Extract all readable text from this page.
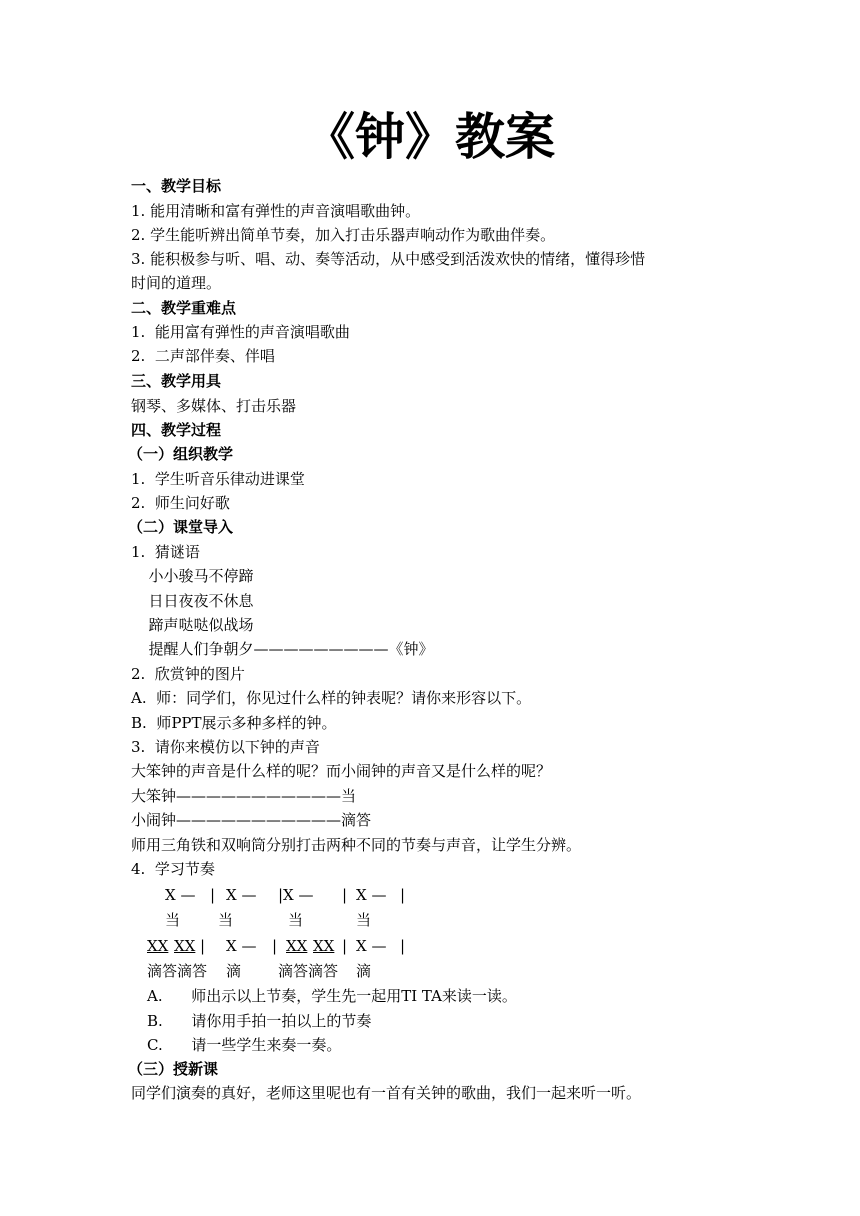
《钟》教案
一、教学目标
1. 能用清晰和富有弹性的声音演唱歌曲钟。
2. 学生能听辨出简单节奏，加入打击乐器声响动作为歌曲伴奏。
3. 能积极参与听、唱、动、奏等活动，从中感受到活泼欢快的情绪，懂得珍惜
时间的道理。
二、教学重难点
1.  能用富有弹性的声音演唱歌曲
2.  二声部伴奏、伴唱
三、教学用具
钢琴、多媒体、打击乐器
四、教学过程
（一）组织教学
1.  学生听音乐律动进课堂
2.  师生问好歌
（二）课堂导入
1.  猜谜语
小小骏马不停蹄
日日夜夜不休息
蹄声哒哒似战场
提醒人们争朝夕—————————《钟》
2.  欣赏钟的图片
A.  师：同学们，你见过什么样的钟表呢？请你来形容以下。
B.  师PPT展示多种多样的钟。
3.  请你来模仿以下钟的声音
大笨钟的声音是什么样的呢？而小闹钟的声音又是什么样的呢？
大笨钟———————————当
小闹钟———————————滴答
师用三角铁和双响筒分别打击两种不同的节奏与声音，让学生分辨。
4.  学习节奏
X — | X — |X — | X — |
当	当	当	当
XX XX | X — | XX XX | X — |
滴答滴答 滴 滴答滴答 滴
A.      师出示以上节奏，学生先一起用TI TA来读一读。
B.      请你用手拍一拍以上的节奏
C.      请一些学生来奏一奏。
（三）授新课
同学们演奏的真好，老师这里呢也有一首有关钟的歌曲，我们一起来听一听。
